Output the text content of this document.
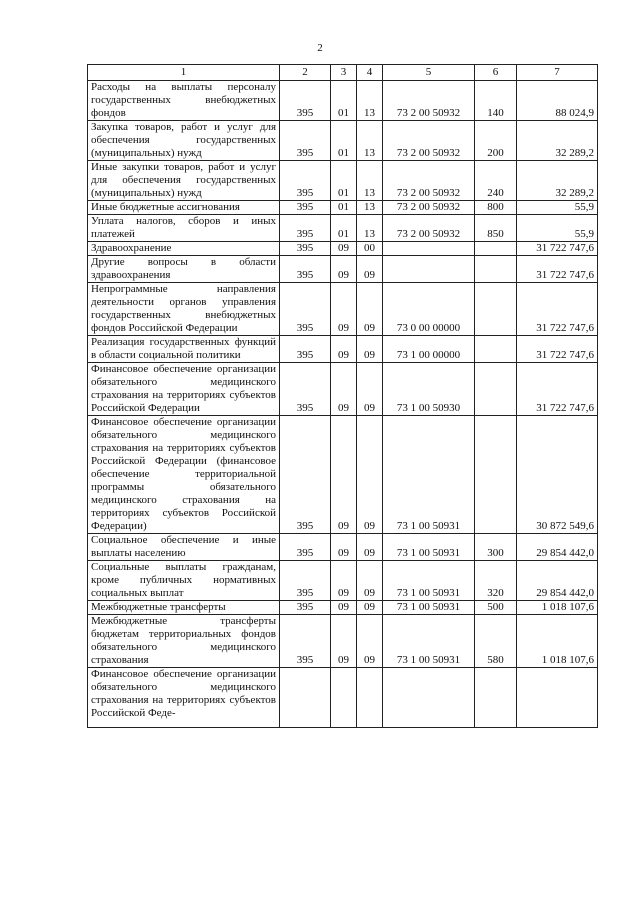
2
1	2	3	4	5	6	7
Расходы на выплаты персоналу государственных внебюджетных фондов	395	01	13	73 2 00 50932	140	88 024,9
Закупка товаров, работ и услуг для обеспечения государственных (муниципальных) нужд	395	01	13	73 2 00 50932	200	32 289,2
Иные закупки товаров, работ и услуг для обеспечения государственных (муниципальных) нужд	395	01	13	73 2 00 50932	240	32 289,2
Иные бюджетные ассигнования	395	01	13	73 2 00 50932	800	55,9
Уплата налогов, сборов и иных платежей	395	01	13	73 2 00 50932	850	55,9
Здравоохранение	395	09	00			31 722 747,6
Другие вопросы в области здравоохранения	395	09	09			31 722 747,6
Непрограммные направления деятельности органов управления государственных внебюджетных фондов Российской Федерации	395	09	09	73 0 00 00000		31 722 747,6
Реализация государственных функций в области социальной политики	395	09	09	73 1 00 00000		31 722 747,6
Финансовое обеспечение организации обязательного медицинского страхования на территориях субъектов Российской Федерации	395	09	09	73 1 00 50930		31 722 747,6
Финансовое обеспечение организации обязательного медицинского страхования на территориях субъектов Российской Федерации (финансовое обеспечение территориальной программы обязательного медицинского страхования на территориях субъектов Российской Федерации)	395	09	09	73 1 00 50931		30 872 549,6
Социальное обеспечение и иные выплаты населению	395	09	09	73 1 00 50931	300	29 854 442,0
Социальные выплаты гражданам, кроме публичных нормативных социальных выплат	395	09	09	73 1 00 50931	320	29 854 442,0
Межбюджетные трансферты	395	09	09	73 1 00 50931	500	1 018 107,6
Межбюджетные трансферты бюджетам территориальных фондов обязательного медицинского страхования	395	09	09	73 1 00 50931	580	1 018 107,6
Финансовое обеспечение организации обязательного медицинского страхования на территориях субъектов Российской Феде-						
